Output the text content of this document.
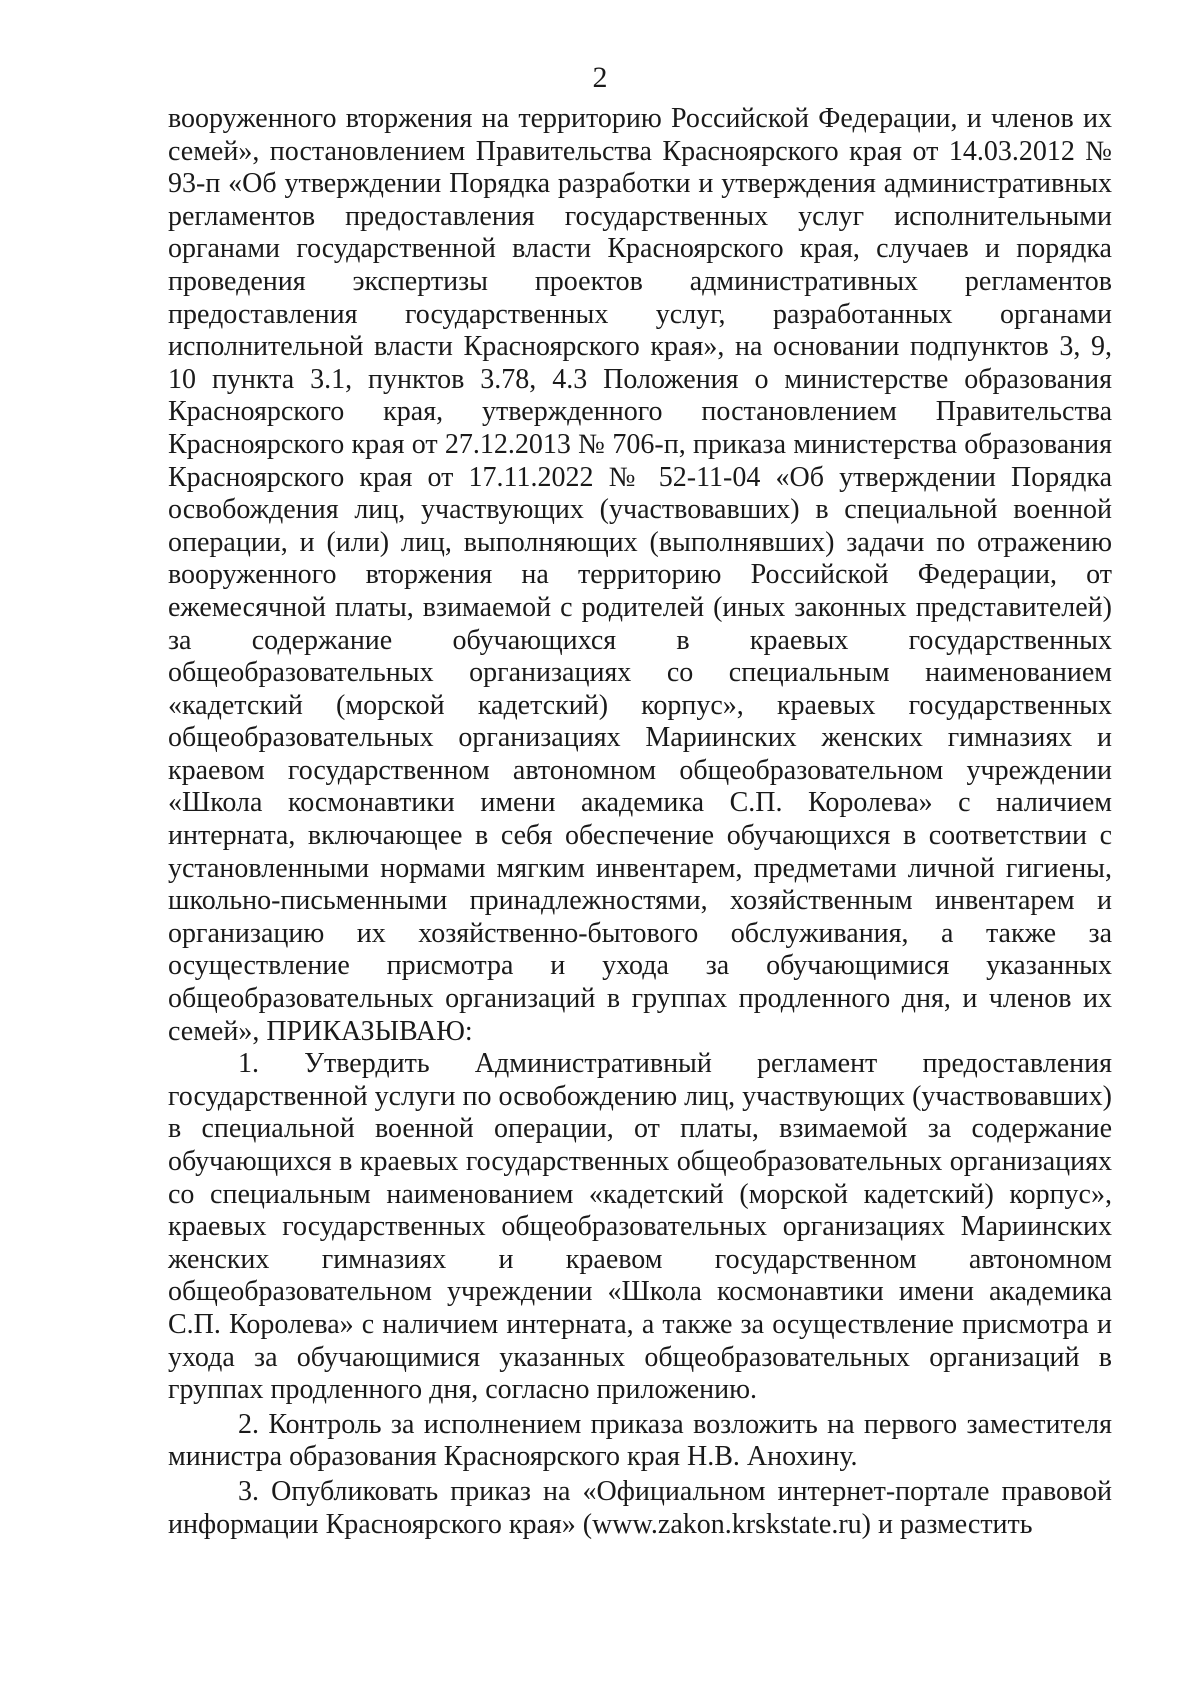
2

вооруженного вторжения на территорию Российской Федерации, и членов их семей», постановлением Правительства Красноярского края от 14.03.2012 № 93-п «Об утверждении Порядка разработки и утверждения административных регламентов предоставления государственных услуг исполнительными органами государственной власти Красноярского края, случаев и порядка проведения экспертизы проектов административных регламентов предоставления государственных услуг, разработанных органами исполнительной власти Красноярского края», на основании подпунктов 3, 9, 10 пункта 3.1, пунктов 3.78, 4.3 Положения о министерстве образования Красноярского края, утвержденного постановлением Правительства Красноярского края от 27.12.2013 № 706-п, приказа министерства образования Красноярского края от 17.11.2022 № 52-11-04 «Об утверждении Порядка освобождения лиц, участвующих (участвовавших) в специальной военной операции, и (или) лиц, выполняющих (выполнявших) задачи по отражению вооруженного вторжения на территорию Российской Федерации, от ежемесячной платы, взимаемой с родителей (иных законных представителей) за содержание обучающихся в краевых государственных общеобразовательных организациях со специальным наименованием «кадетский (морской кадетский) корпус», краевых государственных общеобразовательных организациях Мариинских женских гимназиях и краевом государственном автономном общеобразовательном учреждении «Школа космонавтики имени академика С.П. Королева» с наличием интерната, включающее в себя обеспечение обучающихся в соответствии с установленными нормами мягким инвентарем, предметами личной гигиены, школьно-письменными принадлежностями, хозяйственным инвентарем и организацию их хозяйственно-бытового обслуживания, а также за осуществление присмотра и ухода за обучающимися указанных общеобразовательных организаций в группах продленного дня, и членов их семей», ПРИКАЗЫВАЮ:

1. Утвердить Административный регламент предоставления государственной услуги по освобождению лиц, участвующих (участвовавших) в специальной военной операции, от платы, взимаемой за содержание обучающихся в краевых государственных общеобразовательных организациях со специальным наименованием «кадетский (морской кадетский) корпус», краевых государственных общеобразовательных организациях Мариинских женских гимназиях и краевом государственном автономном общеобразовательном учреждении «Школа космонавтики имени академика С.П. Королева» с наличием интерната, а также за осуществление присмотра и ухода за обучающимися указанных общеобразовательных организаций в группах продленного дня, согласно приложению.

2. Контроль за исполнением приказа возложить на первого заместителя министра образования Красноярского края Н.В. Анохину.

3. Опубликовать приказ на «Официальном интернет-портале правовой информации Красноярского края» (www.zakon.krskstate.ru) и разместить
